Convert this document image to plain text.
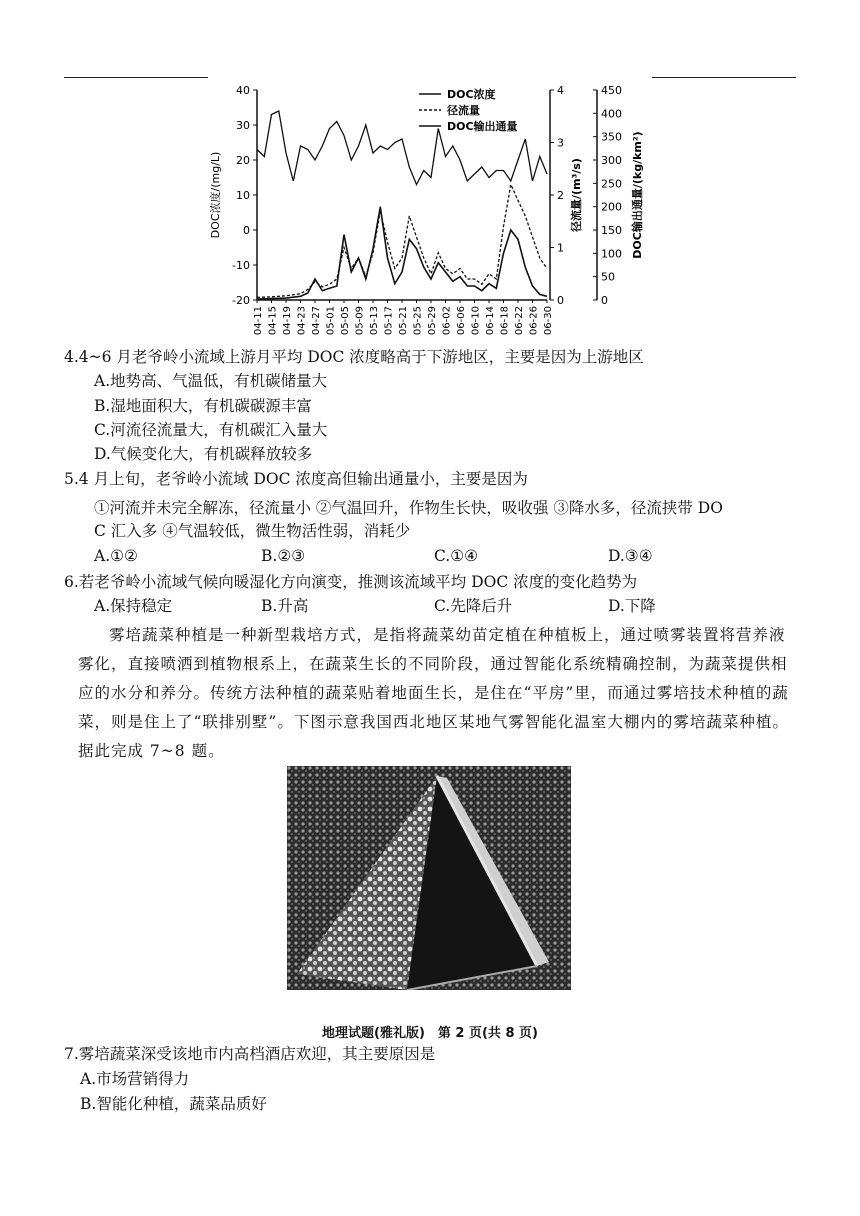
40
30
20
10
0
-10
-20
4
3
2
1
0
450
400
350
300
250
200
150
100
50
0
04-11 04-15 04-19 04-23 04-27 05-01 05-05 05-09 05-13 05-17 05-21 05-25 05-29 06-02 06-06 06-10 06-14 06-18 06-22 06-26 06-30
DOC浓度/(mg/L)	径流量/(m³/s)	DOC输出通量/(kg/km²)
DOC浓度
径流量
DOC输出通量
4.4~6 月老爷岭小流域上游月平均 DOC 浓度略高于下游地区，主要是因为上游地区
A.地势高、气温低，有机碳储量大
B.湿地面积大，有机碳碳源丰富
C.河流径流量大，有机碳汇入量大
D.气候变化大，有机碳释放较多
5.4 月上旬，老爷岭小流域 DOC 浓度高但输出通量小，主要是因为
①河流并未完全解冻，径流量小 ②气温回升，作物生长快，吸收强 ③降水多，径流挟带 DO
C 汇入多 ④气温较低，微生物活性弱，消耗少
A.①②	B.②③	C.①④	D.③④
6.若老爷岭小流域气候向暖湿化方向演变，推测该流域平均 DOC 浓度的变化趋势为
A.保持稳定	B.升高	C.先降后升	D.下降
雾培蔬菜种植是一种新型栽培方式，是指将蔬菜幼苗定植在种植板上，通过喷雾装置将营养液雾化，直接喷洒到植物根系上，在蔬菜生长的不同阶段，通过智能化系统精确控制，为蔬菜提供相应的水分和养分。传统方法种植的蔬菜贴着地面生长，是住在“平房”里，而通过雾培技术种植的蔬菜，则是住上了“联排别墅”。下图示意我国西北地区某地气雾智能化温室大棚内的雾培蔬菜种植。据此完成 7~8 题。
地理试题(雅礼版)　第 2 页(共 8 页)
7.雾培蔬菜深受该地市内高档酒店欢迎，其主要原因是
A.市场营销得力
B.智能化种植，蔬菜品质好
